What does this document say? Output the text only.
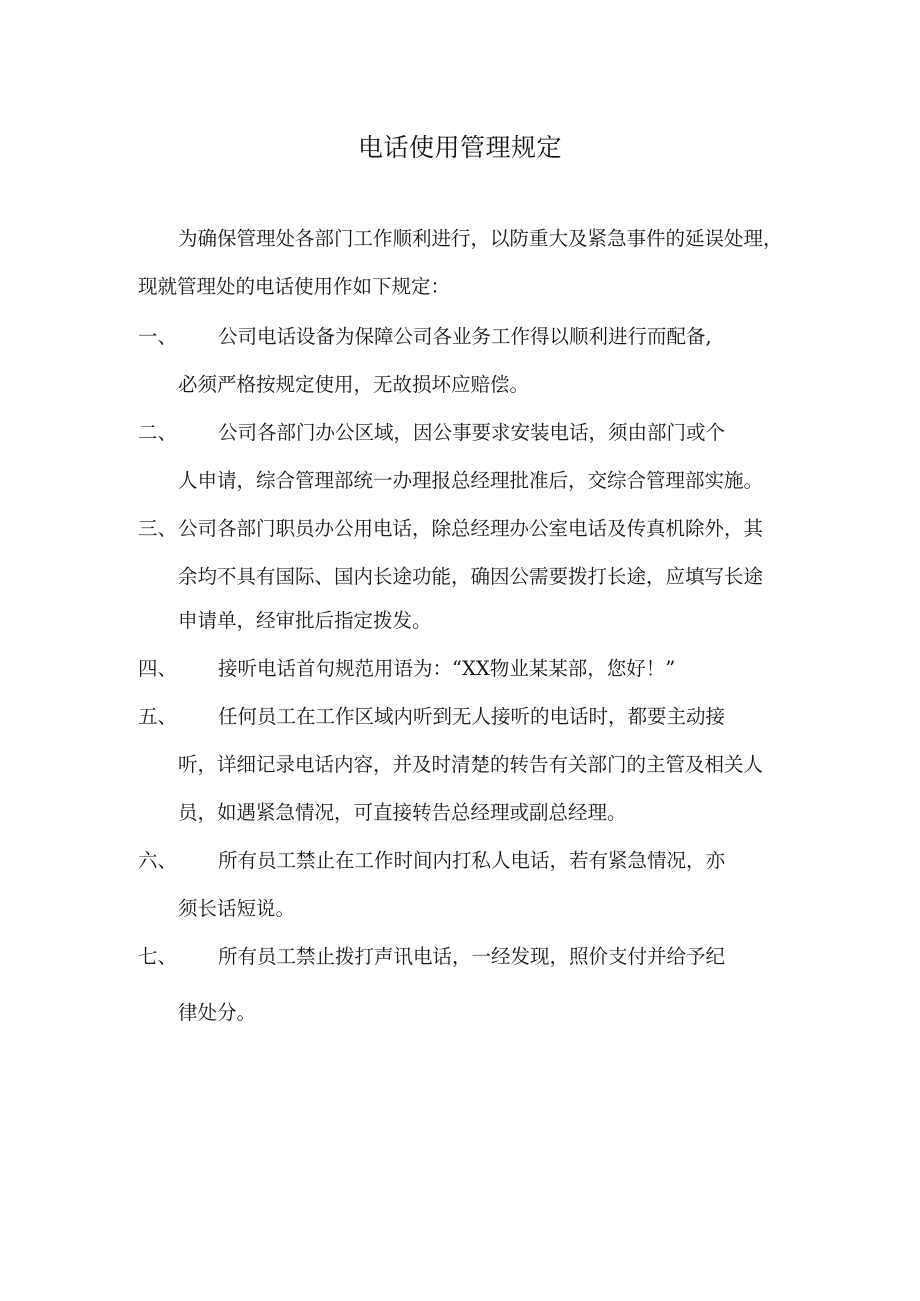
电话使用管理规定
为确保管理处各部门工作顺利进行，以防重大及紧急事件的延误处理，
现就管理处的电话使用作如下规定：
一、 公司电话设备为保障公司各业务工作得以顺利进行而配备,
必须严格按规定使用，无故损坏应赔偿。
二、 公司各部门办公区域，因公事要求安装电话，须由部门或个
人申请，综合管理部统一办理报总经理批准后，交综合管理部实施。
三、 公司各部门职员办公用电话，除总经理办公室电话及传真机除外，其
余均不具有国际、国内长途功能，确因公需要拨打长途，应填写长途
申请单，经审批后指定拨发。
四、 接听电话首句规范用语为：“XX物业某某部，您好！”
五、 任何员工在工作区域内听到无人接听的电话时，都要主动接
听，详细记录电话内容，并及时清楚的转告有关部门的主管及相关人
员，如遇紧急情况，可直接转告总经理或副总经理。
六、 所有员工禁止在工作时间内打私人电话，若有紧急情况，亦
须长话短说。
七、 所有员工禁止拨打声讯电话，一经发现，照价支付并给予纪
律处分。
